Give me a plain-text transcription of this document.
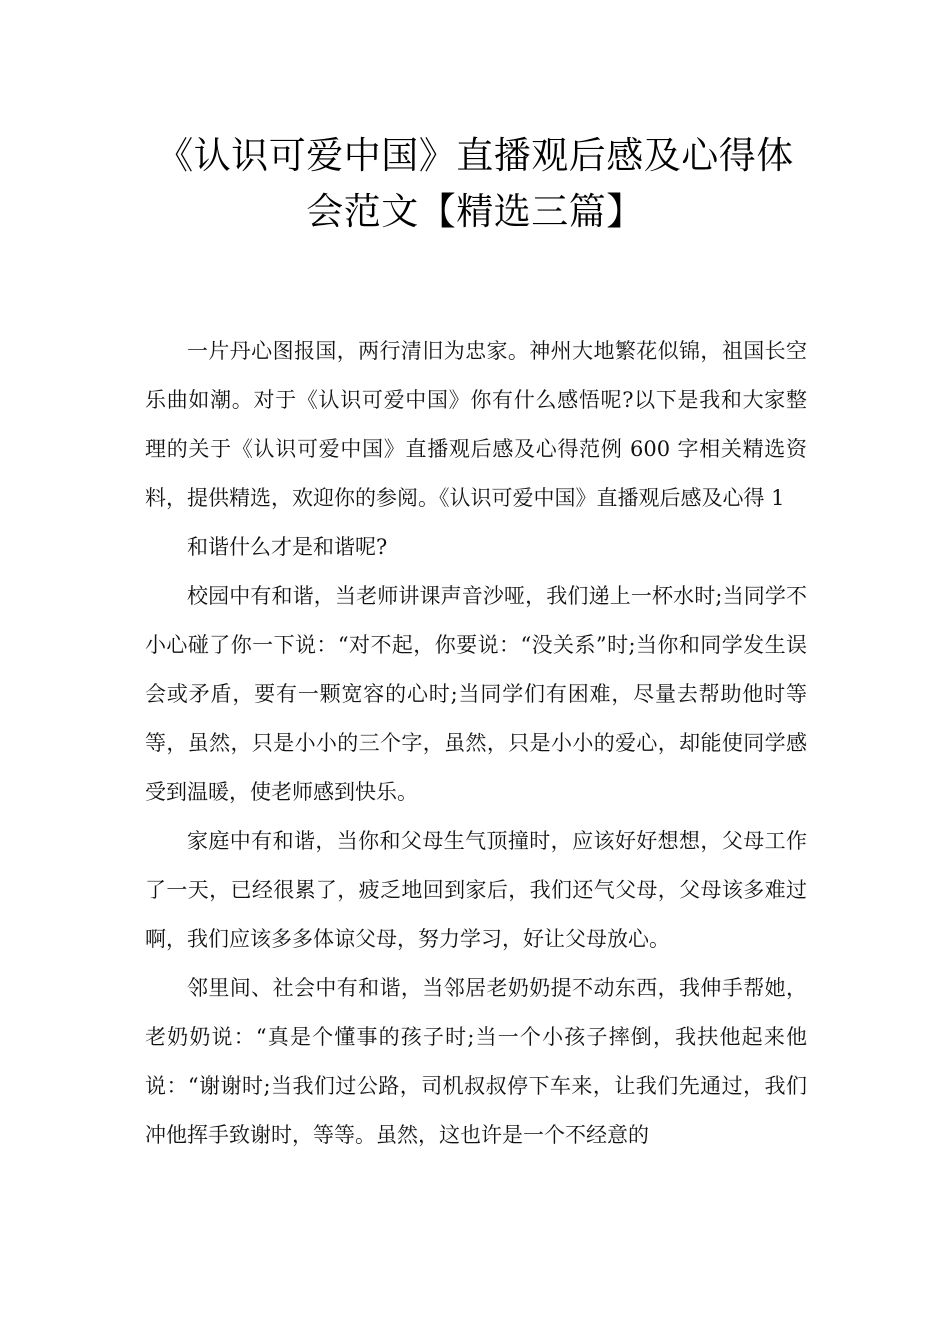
《认识可爱中国》直播观后感及心得体
会范文【精选三篇】

一片丹心图报国，两行清旧为忠家。神州大地繁花似锦，祖国长空乐曲如潮。对于《认识可爱中国》你有什么感悟呢?以下是我和大家整理的关于《认识可爱中国》直播观后感及心得范例 600 字相关精选资料，提供精选，欢迎你的参阅。《认识可爱中国》直播观后感及心得 1

和谐什么才是和谐呢?

校园中有和谐，当老师讲课声音沙哑，我们递上一杯水时;当同学不小心碰了你一下说：“对不起，你要说：“没关系”时;当你和同学发生误会或矛盾，要有一颗宽容的心时;当同学们有困难，尽量去帮助他时等等，虽然，只是小小的三个字，虽然，只是小小的爱心，却能使同学感受到温暖，使老师感到快乐。

家庭中有和谐，当你和父母生气顶撞时，应该好好想想，父母工作了一天，已经很累了，疲乏地回到家后，我们还气父母，父母该多难过啊，我们应该多多体谅父母，努力学习，好让父母放心。

邻里间、社会中有和谐，当邻居老奶奶提不动东西，我伸手帮她，老奶奶说：“真是个懂事的孩子时;当一个小孩子摔倒，我扶他起来他说：“谢谢时;当我们过公路，司机叔叔停下车来，让我们先通过，我们冲他挥手致谢时，等等。虽然，这也许是一个不经意的
